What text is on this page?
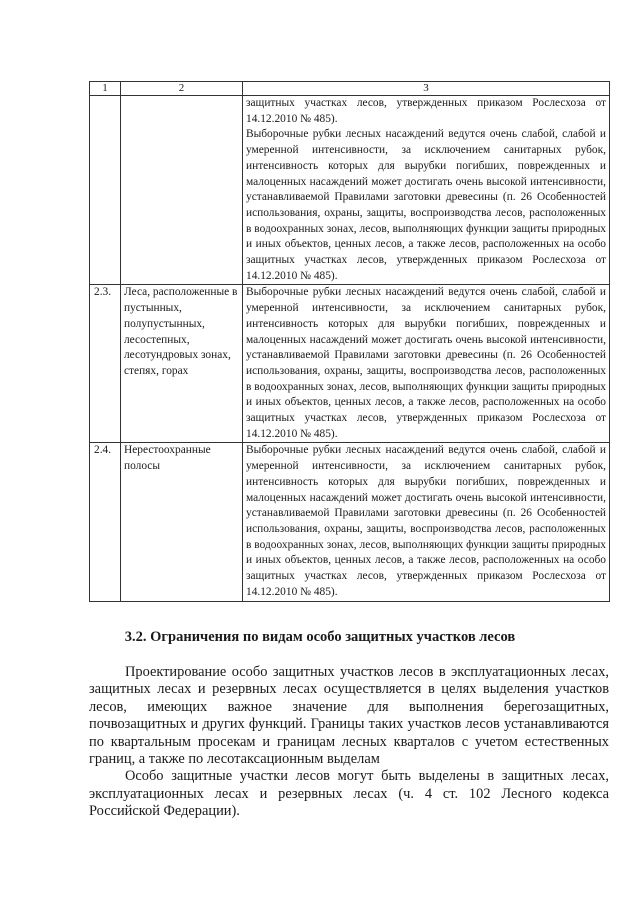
1	2	3

		защитных участках лесов, утвержденных приказом Рослесхоза от 14.12.2010 № 485).

Выборочные рубки лесных насаждений ведутся очень слабой, слабой и умеренной интенсивности, за исключением санитарных рубок, интенсивность которых для вырубки погибших, поврежденных и малоценных насаждений может достигать очень высокой интенсивности, устанавливаемой Правилами заготовки древесины (п. 26 Особенностей использования, охраны, защиты, воспроизводства лесов, расположенных в водоохранных зонах, лесов, выполняющих функции защиты природных и иных объектов, ценных лесов, а также лесов, расположенных на особо защитных участках лесов, утвержденных приказом Рослесхоза от 14.12.2010 № 485).

2.3.	Леса, расположенные в пустынных, полупустынных, лесостепных, лесотундровых зонах, степях, горах	Выборочные рубки лесных насаждений ведутся очень слабой, слабой и умеренной интенсивности, за исключением санитарных рубок, интенсивность которых для вырубки погибших, поврежденных и малоценных насаждений может достигать очень высокой интенсивности, устанавливаемой Правилами заготовки древесины (п. 26 Особенностей использования, охраны, защиты, воспроизводства лесов, расположенных в водоохранных зонах, лесов, выполняющих функции защиты природных и иных объектов, ценных лесов, а также лесов, расположенных на особо защитных участках лесов, утвержденных приказом Рослесхоза от 14.12.2010 № 485).
2.4.	Нерестоохранные полосы	Выборочные рубки лесных насаждений ведутся очень слабой, слабой и умеренной интенсивности, за исключением санитарных рубок, интенсивность которых для вырубки погибших, поврежденных и малоценных насаждений может достигать очень высокой интенсивности, устанавливаемой Правилами заготовки древесины (п. 26 Особенностей использования, охраны, защиты, воспроизводства лесов, расположенных в водоохранных зонах, лесов, выполняющих функции защиты природных и иных объектов, ценных лесов, а также лесов, расположенных на особо защитных участках лесов, утвержденных приказом Рослесхоза от 14.12.2010 № 485).
3.2. Ограничения по видам особо защитных участков лесов

Проектирование особо защитных участков лесов в эксплуатационных лесах, защитных лесах и резервных лесах осуществляется в целях выделения участков лесов, имеющих важное значение для выполнения берегозащитных, почвозащитных и других функций. Границы таких участков лесов устанавливаются по квартальным просекам и границам лесных кварталов с учетом естественных границ, а также по лесотаксационным выделам

Особо защитные участки лесов могут быть выделены в защитных лесах, эксплуатационных лесах и резервных лесах (ч. 4 ст. 102 Лесного кодекса Российской Федерации).
